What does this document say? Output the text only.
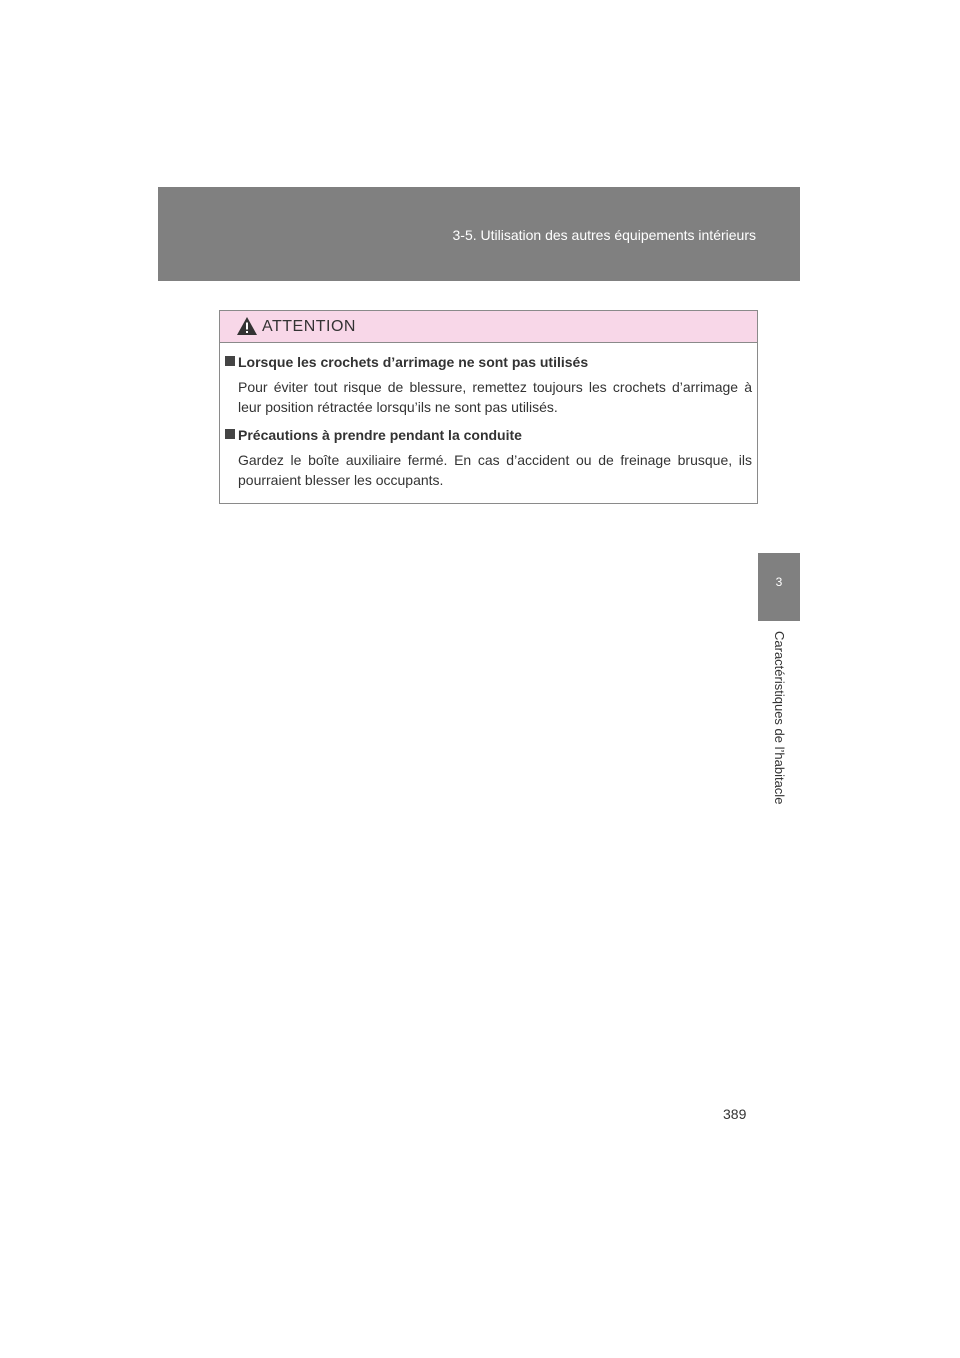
3-5. Utilisation des autres équipements intérieurs
3
Caractéristiques de l’habitacle
ATTENTION
Lorsque les crochets d’arrimage ne sont pas utilisés
Pour éviter tout risque de blessure, remettez toujours les crochets d’arrimage à leur position rétractée lorsqu’ils ne sont pas utilisés.
Précautions à prendre pendant la conduite
Gardez le boîte auxiliaire fermé. En cas d’accident ou de freinage brusque, ils pourraient blesser les occupants.
389
